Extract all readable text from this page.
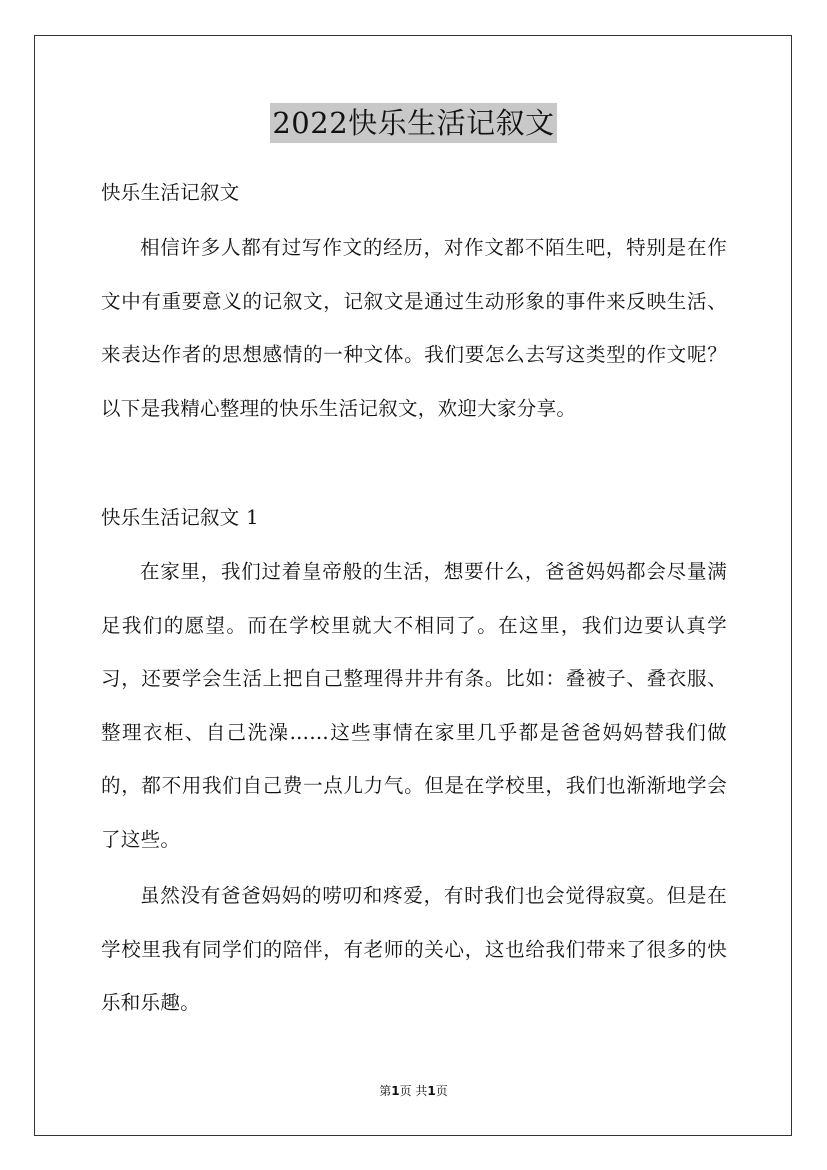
2022快乐生活记叙文
快乐生活记叙文
相信许多人都有过写作文的经历，对作文都不陌生吧，特别是在作文中有重要意义的记叙文，记叙文是通过生动形象的事件来反映生活、来表达作者的思想感情的一种文体。我们要怎么去写这类型的作文呢？以下是我精心整理的快乐生活记叙文，欢迎大家分享。
快乐生活记叙文 1
在家里，我们过着皇帝般的生活，想要什么，爸爸妈妈都会尽量满足我们的愿望。而在学校里就大不相同了。在这里，我们边要认真学习，还要学会生活上把自己整理得井井有条。比如：叠被子、叠衣服、整理衣柜、自己洗澡……这些事情在家里几乎都是爸爸妈妈替我们做的，都不用我们自己费一点儿力气。但是在学校里，我们也渐渐地学会了这些。
虽然没有爸爸妈妈的唠叨和疼爱，有时我们也会觉得寂寞。但是在学校里我有同学们的陪伴，有老师的关心，这也给我们带来了很多的快乐和乐趣。
第1页 共1页
